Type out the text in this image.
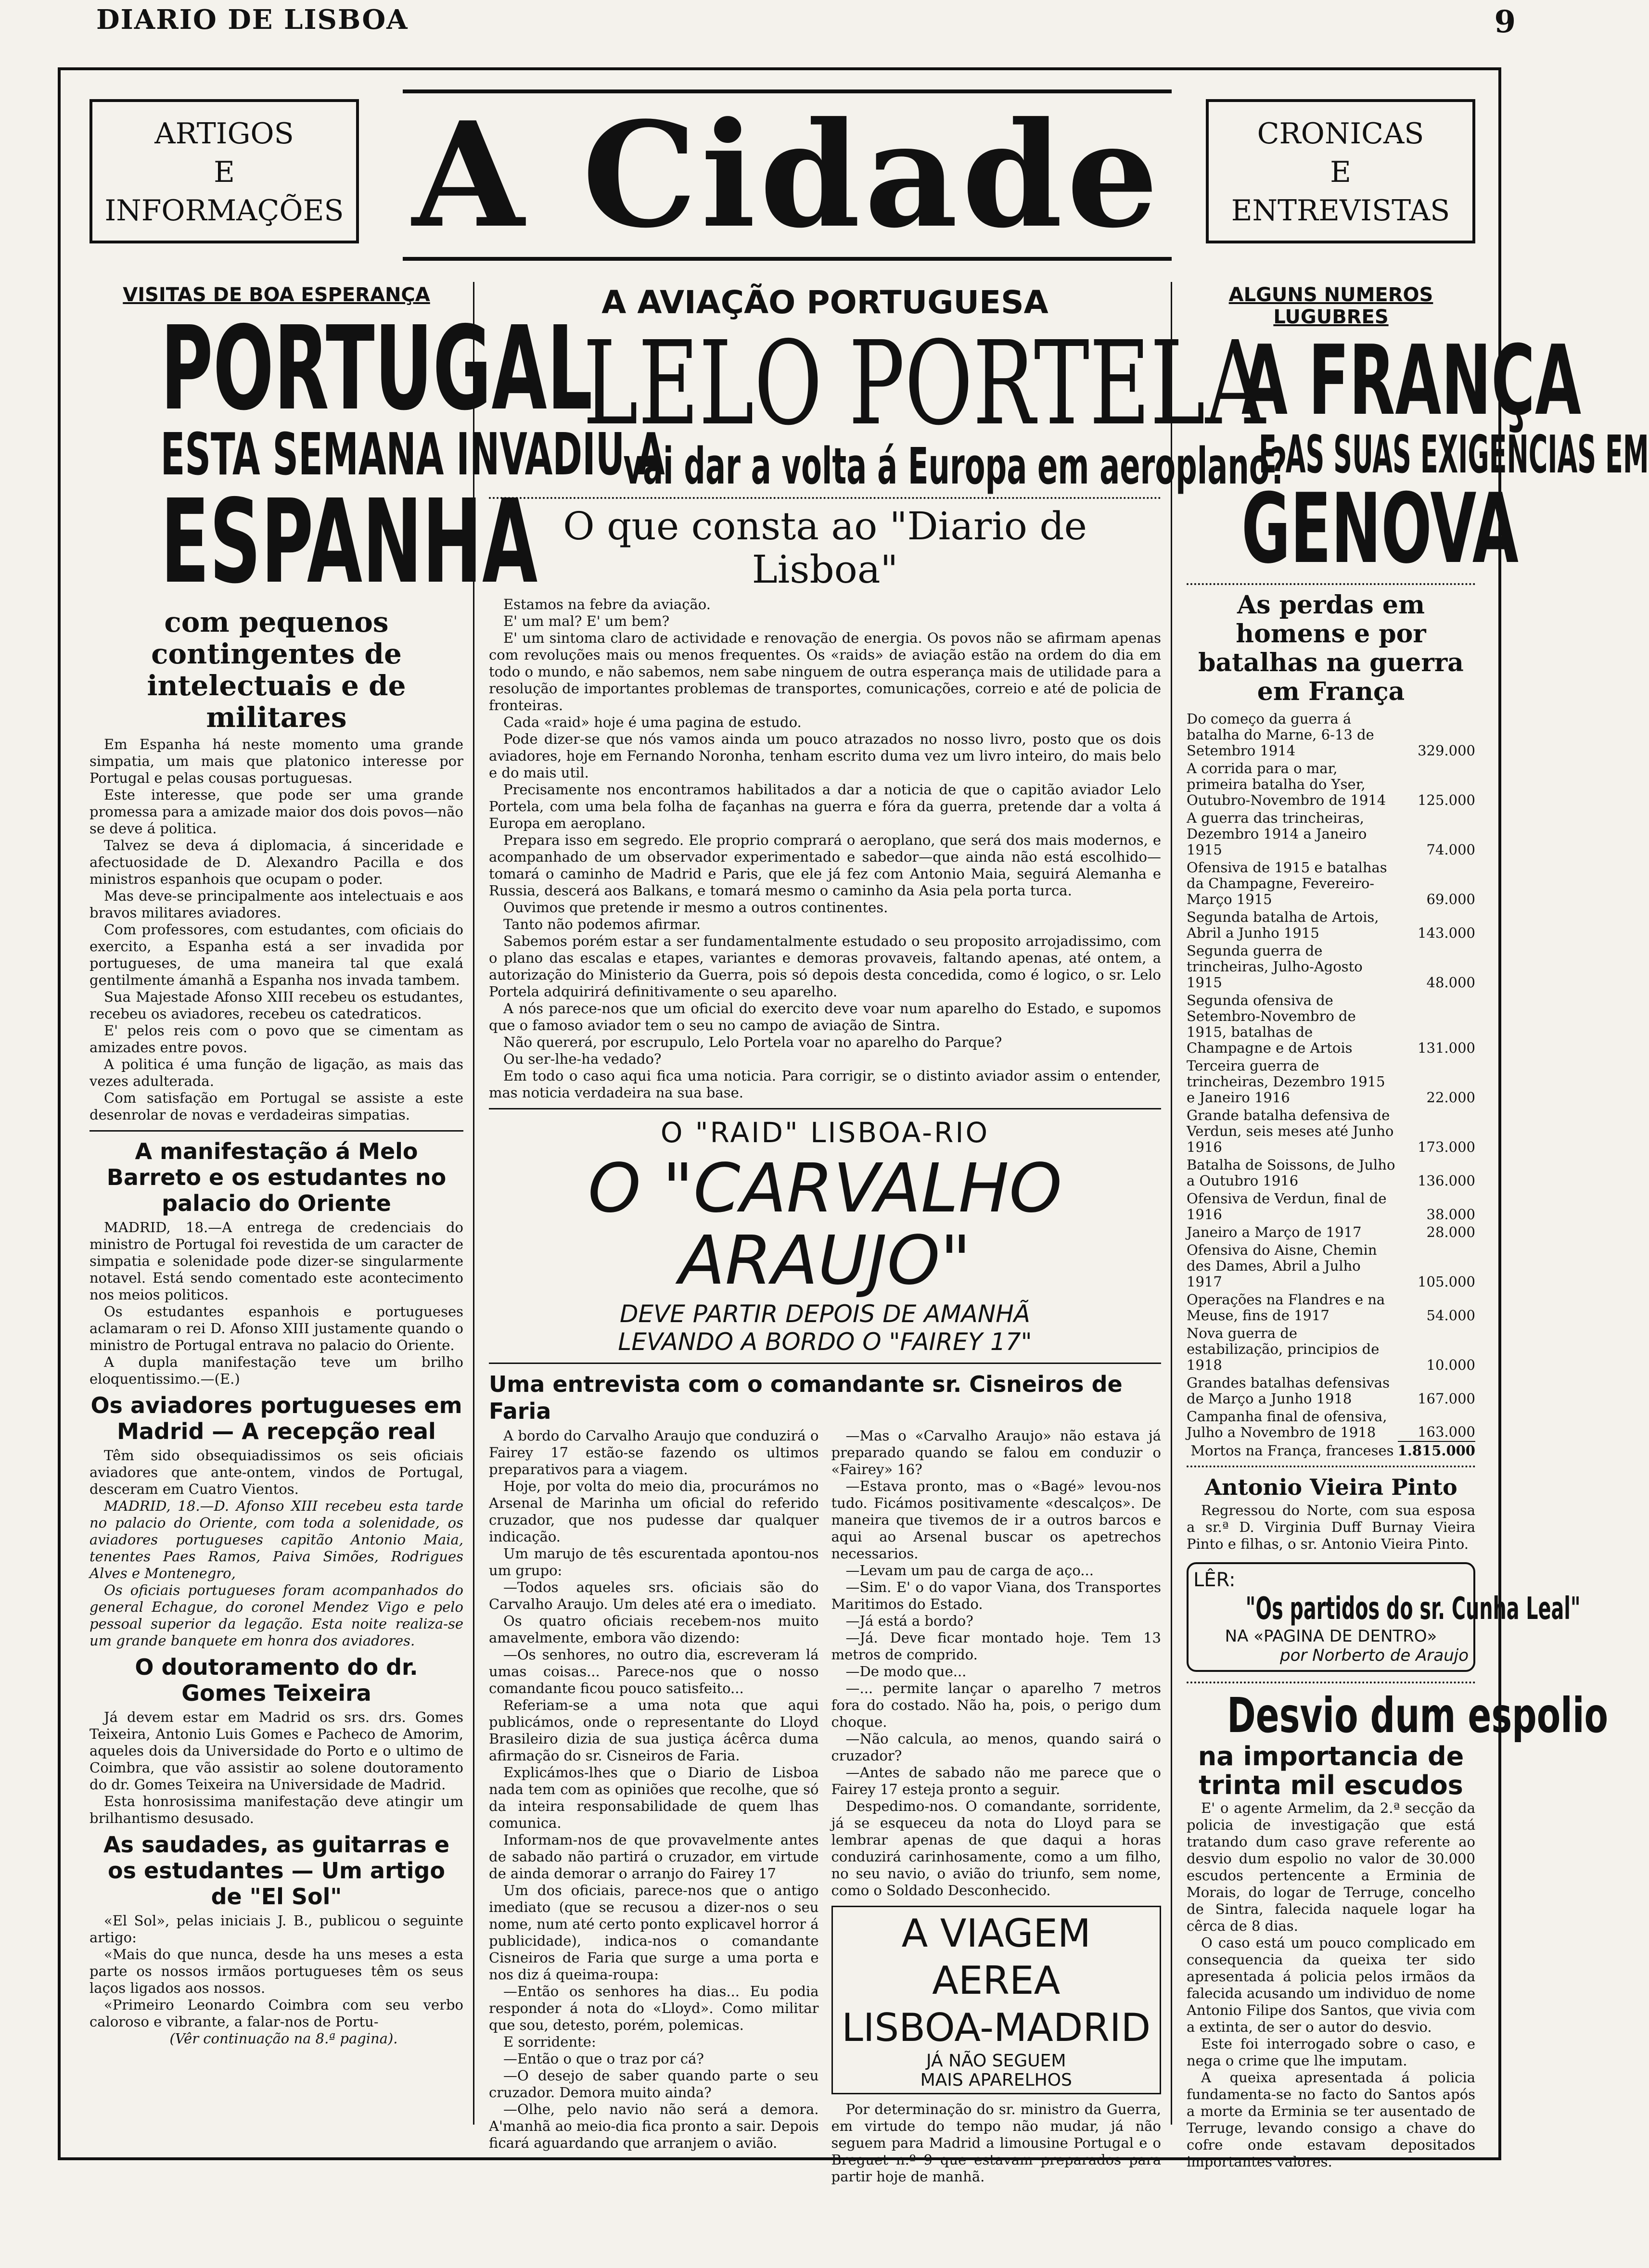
DIARIO DE LISBOA	9
ARTIGOS
E
INFORMAÇÕES A Cidade	CRONICAS
E
ENTREVISTAS
VISITAS DE BOA ESPERANÇA
PORTUGAL
ESTA SEMANA INVADIU A
ESPANHA
com pequenos contingentes de intelectuais e de militares

Em Espanha há neste momento uma grande simpatia, um mais que platonico interesse por Portugal e pelas cousas portuguesas.

Este interesse, que pode ser uma grande promessa para a amizade maior dos dois povos—não se deve á politica.

Talvez se deva á diplomacia, á sinceridade e afectuosidade de D. Alexandro Pacilla e dos ministros espanhois que ocupam o poder.

Mas deve-se principalmente aos intelectuais e aos bravos militares aviadores.

Com professores, com estudantes, com oficiais do exercito, a Espanha está a ser invadida por portugueses, de uma maneira tal que exalá gentilmente ámanhã a Espanha nos invada tambem.

Sua Majestade Afonso XIII recebeu os estudantes, recebeu os aviadores, recebeu os catedraticos.

E' pelos reis com o povo que se cimentam as amizades entre povos.

A politica é uma função de ligação, as mais das vezes adulterada.

Com satisfação em Portugal se assiste a este desenrolar de novas e verdadeiras simpatias.

A manifestação á Melo Barreto e os estudantes no palacio do Oriente

MADRID, 18.—A entrega de credenciais do ministro de Portugal foi revestida de um caracter de simpatia e solenidade pode dizer-se singularmente notavel. Está sendo comentado este acontecimento nos meios politicos.

Os estudantes espanhois e portugueses aclamaram o rei D. Afonso XIII justamente quando o ministro de Portugal entrava no palacio do Oriente.

A dupla manifestação teve um brilho eloquentissimo.—(E.)

Os aviadores portugueses em Madrid — A recepção real

Têm sido obsequiadissimos os seis oficiais aviadores que ante-ontem, vindos de Portugal, desceram em Cuatro Vientos.

MADRID, 18.—D. Afonso XIII recebeu esta tarde no palacio do Oriente, com toda a solenidade, os aviadores portugueses capitão Antonio Maia, tenentes Paes Ramos, Paiva Simões, Rodrigues Alves e Montenegro,

Os oficiais portugueses foram acompanhados do general Echague, do coronel Mendez Vigo e pelo pessoal superior da legação. Esta noite realiza-se um grande banquete em honra dos aviadores.

O doutoramento do dr. Gomes Teixeira

Já devem estar em Madrid os srs. drs. Gomes Teixeira, Antonio Luis Gomes e Pacheco de Amorim, aqueles dois da Universidade do Porto e o ultimo de Coimbra, que vão assistir ao solene doutoramento do dr. Gomes Teixeira na Universidade de Madrid.

Esta honrosissima manifestação deve atingir um brilhantismo desusado.

As saudades, as guitarras e os estudantes — Um artigo de "El Sol"

«El Sol», pelas iniciais J. B., publicou o seguinte artigo:

«Mais do que nunca, desde ha uns meses a esta parte os nossos irmãos portugueses têm os seus laços ligados aos nossos.

«Primeiro Leonardo Coimbra com seu verbo caloroso e vibrante, a falar-nos de Portu-

(Vêr continuação na 8.ª pagina).

A AVIAÇÃO PORTUGUESA
LELO PORTELA
vai dar a volta á Europa em aeroplano?
O que consta ao "Diario de Lisboa"

Estamos na febre da aviação.

E' um mal? E' um bem?

E' um sintoma claro de actividade e renovação de energia. Os povos não se afirmam apenas com revoluções mais ou menos frequentes. Os «raids» de aviação estão na ordem do dia em todo o mundo, e não sabemos, nem sabe ninguem de outra esperança mais de utilidade para a resolução de importantes problemas de transportes, comunicações, correio e até de policia de fronteiras.

Cada «raid» hoje é uma pagina de estudo.

Pode dizer-se que nós vamos ainda um pouco atrazados no nosso livro, posto que os dois aviadores, hoje em Fernando Noronha, tenham escrito duma vez um livro inteiro, do mais belo e do mais util.

Precisamente nos encontramos habilitados a dar a noticia de que o capitão aviador Lelo Portela, com uma bela folha de façanhas na guerra e fóra da guerra, pretende dar a volta á Europa em aeroplano.

Prepara isso em segredo. Ele proprio comprará o aeroplano, que será dos mais modernos, e acompanhado de um observador experimentado e sabedor—que ainda não está escolhido—tomará o caminho de Madrid e Paris, que ele já fez com Antonio Maia, seguirá Alemanha e Russia, descerá aos Balkans, e tomará mesmo o caminho da Asia pela porta turca.

Ouvimos que pretende ir mesmo a outros continentes.

Tanto não podemos afirmar.

Sabemos porém estar a ser fundamentalmente estudado o seu proposito arrojadissimo, com o plano das escalas e etapes, variantes e demoras provaveis, faltando apenas, até ontem, a autorização do Ministerio da Guerra, pois só depois desta concedida, como é logico, o sr. Lelo Portela adquirirá definitivamente o seu aparelho.

A nós parece-nos que um oficial do exercito deve voar num aparelho do Estado, e supomos que o famoso aviador tem o seu no campo de aviação de Sintra.

Não quererá, por escrupulo, Lelo Portela voar no aparelho do Parque?

Ou ser-lhe-ha vedado?

Em todo o caso aqui fica uma noticia. Para corrigir, se o distinto aviador assim o entender, mas noticia verdadeira na sua base.

O "RAID" LISBOA-RIO
O "CARVALHO ARAUJO"
DEVE PARTIR DEPOIS DE AMANHÃ
LEVANDO A BORDO O "FAIREY 17"
Uma entrevista com o comandante sr. Cisneiros de Faria

A bordo do Carvalho Araujo que conduzirá o Fairey 17 estão-se fazendo os ultimos preparativos para a viagem.

Hoje, por volta do meio dia, procurámos no Arsenal de Marinha um oficial do referido cruzador, que nos pudesse dar qualquer indicação.

Um marujo de tês escurentada apontou-nos um grupo:

—Todos aqueles srs. oficiais são do Carvalho Araujo. Um deles até era o imediato.

Os quatro oficiais recebem-nos muito amavelmente, embora vão dizendo:

—Os senhores, no outro dia, escreveram lá umas coisas... Parece-nos que o nosso comandante ficou pouco satisfeito...

Referiam-se a uma nota que aqui publicámos, onde o representante do Lloyd Brasileiro dizia de sua justiça ácêrca duma afirmação do sr. Cisneiros de Faria.

Explicámos-lhes que o Diario de Lisboa nada tem com as opiniões que recolhe, que só da inteira responsabilidade de quem lhas comunica.

Informam-nos de que provavelmente antes de sabado não partirá o cruzador, em virtude de ainda demorar o arranjo do Fairey 17

Um dos oficiais, parece-nos que o antigo imediato (que se recusou a dizer-nos o seu nome, num até certo ponto explicavel horror á publicidade), indica-nos o comandante Cisneiros de Faria que surge a uma porta e nos diz á queima-roupa:

—Então os senhores ha dias... Eu podia responder á nota do «Lloyd». Como militar que sou, detesto, porém, polemicas.

E sorridente:

—Então o que o traz por cá?

—O desejo de saber quando parte o seu cruzador. Demora muito ainda?

—Olhe, pelo navio não será a demora. A'manhã ao meio-dia fica pronto a sair. Depois ficará aguardando que arranjem o avião.

—Mas o «Carvalho Araujo» não estava já preparado quando se falou em conduzir o «Fairey» 16?

—Estava pronto, mas o «Bagé» levou-nos tudo. Ficámos positivamente «descalços». De maneira que tivemos de ir a outros barcos e aqui ao Arsenal buscar os apetrechos necessarios.

—Levam um pau de carga de aço...

—Sim. E' o do vapor Viana, dos Transportes Maritimos do Estado.

—Já está a bordo?

—Já. Deve ficar montado hoje. Tem 13 metros de comprido.

—De modo que...

—... permite lançar o aparelho 7 metros fora do costado. Não ha, pois, o perigo dum choque.

—Não calcula, ao menos, quando sairá o cruzador?

—Antes de sabado não me parece que o Fairey 17 esteja pronto a seguir.

Despedimo-nos. O comandante, sorridente, já se esqueceu da nota do Lloyd para se lembrar apenas de que daqui a horas conduzirá carinhosamente, como a um filho, no seu navio, o avião do triunfo, sem nome, como o Soldado Desconhecido.

A VIAGEM AEREA
LISBOA-MADRID
JÁ NÃO SEGUEM
MAIS APARELHOS

Por determinação do sr. ministro da Guerra, em virtude do tempo não mudar, já não seguem para Madrid a limousine Portugal e o Breguet n.º 9 que estavam preparados para partir hoje de manhã.

ALGUNS NUMEROS LUGUBRES
A FRANÇA
E AS SUAS EXIGENCIAS EM
GENOVA
As perdas em homens e por batalhas na guerra em França
Do começo da guerra á batalha do Marne, 6-13 de Setembro 1914	329.000
A corrida para o mar, primeira batalha do Yser, Outubro-Novembro de 1914	125.000
A guerra das trincheiras, Dezembro 1914 a Janeiro 1915	74.000
Ofensiva de 1915 e batalhas da Champagne, Fevereiro-Março 1915	69.000
Segunda batalha de Artois, Abril a Junho 1915	143.000
Segunda guerra de trincheiras, Julho-Agosto 1915	48.000
Segunda ofensiva de Setembro-Novembro de 1915, batalhas de Champagne e de Artois	131.000
Terceira guerra de trincheiras, Dezembro 1915 e Janeiro 1916	22.000
Grande batalha defensiva de Verdun, seis meses até Junho 1916	173.000
Batalha de Soissons, de Julho a Outubro 1916	136.000
Ofensiva de Verdun, final de 1916	38.000
Janeiro a Março de 1917	28.000
Ofensiva do Aisne, Chemin des Dames, Abril a Julho 1917	105.000
Operações na Flandres e na Meuse, fins de 1917	54.000
Nova guerra de estabilização, principios de 1918	10.000
Grandes batalhas defensivas de Março a Junho 1918	167.000
Campanha final de ofensiva, Julho a Novembro de 1918	163.000
Mortos na França, franceses	1.815.000
Antonio Vieira Pinto

Regressou do Norte, com sua esposa a sr.ª D. Virginia Duff Burnay Vieira Pinto e filhas, o sr. Antonio Vieira Pinto.

LÊR:
"Os partidos do sr. Cunha Leal"
NA «PAGINA DE DENTRO»
por Norberto de Araujo
Desvio dum espolio
na importancia de trinta mil escudos

E' o agente Armelim, da 2.ª secção da policia de investigação que está tratando dum caso grave referente ao desvio dum espolio no valor de 30.000 escudos pertencente a Erminia de Morais, do logar de Terruge, concelho de Sintra, falecida naquele logar ha cêrca de 8 dias.

O caso está um pouco complicado em consequencia da queixa ter sido apresentada á policia pelos irmãos da falecida acusando um individuo de nome Antonio Filipe dos Santos, que vivia com a extinta, de ser o autor do desvio.

Este foi interrogado sobre o caso, e nega o crime que lhe imputam.

A queixa apresentada á policia fundamenta-se no facto do Santos após a morte da Erminia se ter ausentado de Terruge, levando consigo a chave do cofre onde estavam depositados importantes valores.
